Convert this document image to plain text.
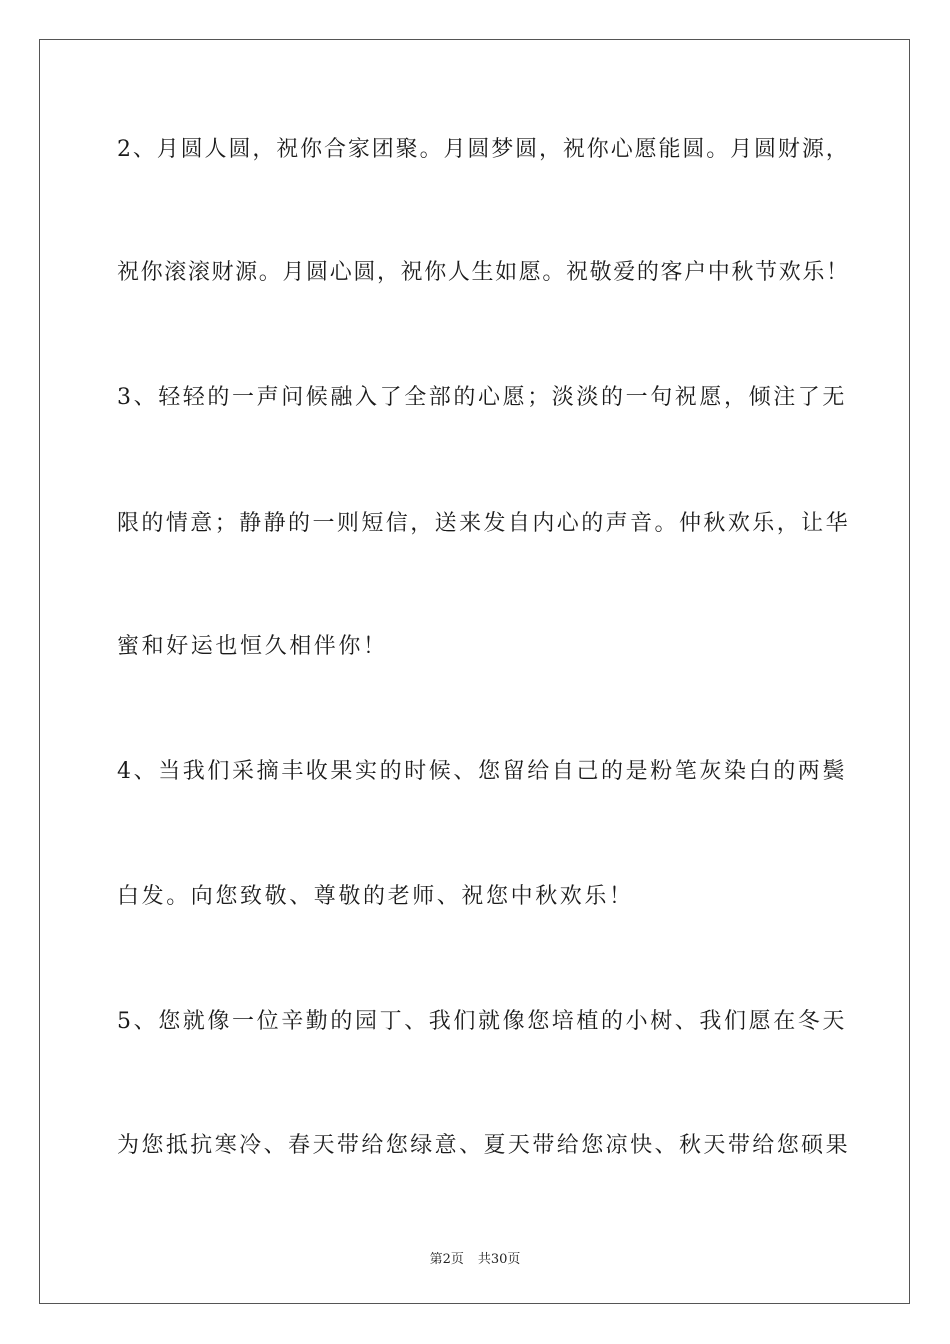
2、月圆人圆，祝你合家团聚。月圆梦圆，祝你心愿能圆。月圆财源，
祝你滚滚财源。月圆心圆，祝你人生如愿。祝敬爱的客户中秋节欢乐！
3、轻轻的一声问候融入了全部的心愿；淡淡的一句祝愿，倾注了无
限的情意；静静的一则短信，送来发自内心的声音。仲秋欢乐，让华
蜜和好运也恒久相伴你！
4、当我们采摘丰收果实的时候、您留给自己的是粉笔灰染白的两鬓
白发。向您致敬、尊敬的老师、祝您中秋欢乐！
5、您就像一位辛勤的园丁、我们就像您培植的小树、我们愿在冬天
为您抵抗寒冷、春天带给您绿意、夏天带给您凉快、秋天带给您硕果
第2页 共30页
